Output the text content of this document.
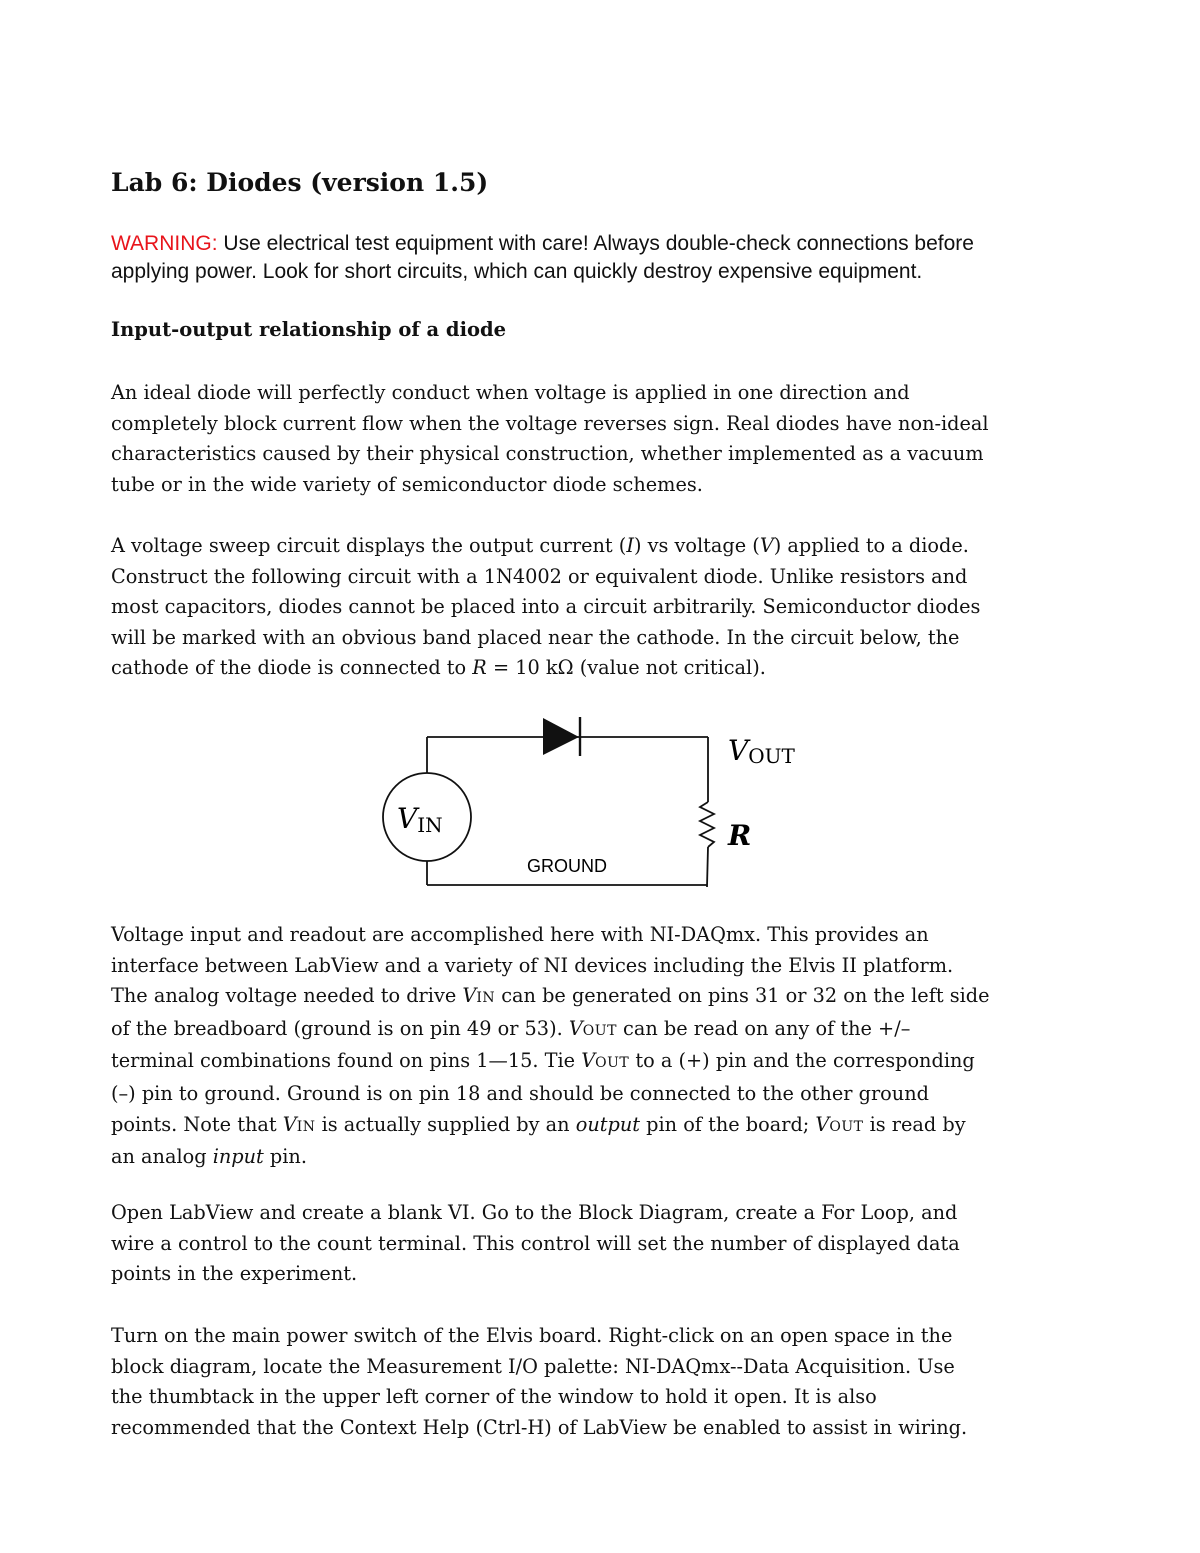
Lab 6: Diodes (version 1.5)
WARNING: Use electrical test equipment with care! Always double-check connections before
applying power. Look for short circuits, which can quickly destroy expensive equipment.
Input-output relationship of a diode
An ideal diode will perfectly conduct when voltage is applied in one direction and
completely block current flow when the voltage reverses sign. Real diodes have non-ideal
characteristics caused by their physical construction, whether implemented as a vacuum
tube or in the wide variety of semiconductor diode schemes.
A voltage sweep circuit displays the output current (I) vs voltage (V) applied to a diode.
Construct the following circuit with a 1N4002 or equivalent diode. Unlike resistors and
most capacitors, diodes cannot be placed into a circuit arbitrarily. Semiconductor diodes
will be marked with an obvious band placed near the cathode. In the circuit below, the
cathode of the diode is connected to R = 10 kΩ (value not critical).
Voltage input and readout are accomplished here with NI-DAQmx. This provides an
interface between LabView and a variety of NI devices including the Elvis II platform.
The analog voltage needed to drive VIN can be generated on pins 31 or 32 on the left side
of the breadboard (ground is on pin 49 or 53). VOUT can be read on any of the +/–
terminal combinations found on pins 1—15. Tie VOUT to a (+) pin and the corresponding
(–) pin to ground. Ground is on pin 18 and should be connected to the other ground
points. Note that VIN is actually supplied by an output pin of the board; VOUT is read by
an analog input pin.
Open LabView and create a blank VI. Go to the Block Diagram, create a For Loop, and
wire a control to the count terminal. This control will set the number of displayed data
points in the experiment.
Turn on the main power switch of the Elvis board. Right-click on an open space in the
block diagram, locate the Measurement I/O palette: NI-DAQmx--Data Acquisition. Use
the thumbtack in the upper left corner of the window to hold it open. It is also
recommended that the Context Help (Ctrl-H) of LabView be enabled to assist in wiring.
VIN
VOUT
R
GROUND
